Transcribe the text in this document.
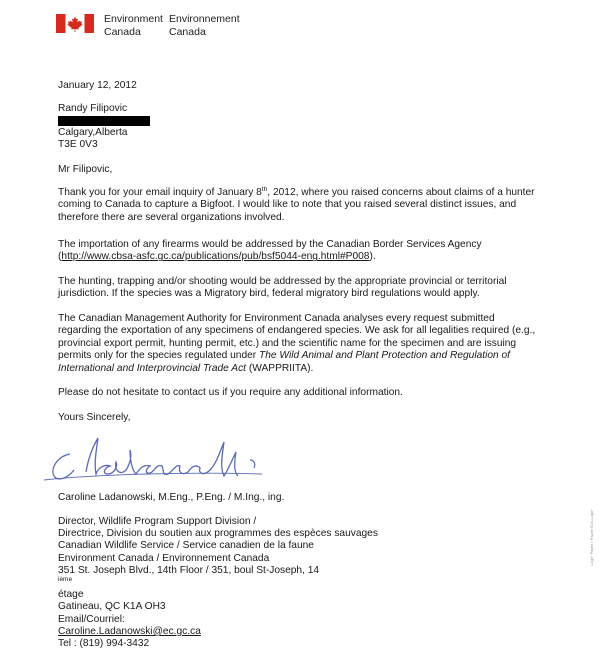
Environment
Canada
Environnement
Canada

January 12, 2012

Randy Filipovic

Calgary,Alberta

T3E 0V3

Mr Filipovic,

Thank you for your email inquiry of January 8th, 2012, where you raised concerns about claims of a hunter coming to Canada to capture a Bigfoot. I would like to note that you raised several distinct issues, and therefore there are several organizations involved.

The importation of any firearms would be addressed by the Canadian Border Services Agency (http://www.cbsa-asfc.gc.ca/publications/pub/bsf5044-eng.html#P008).

The hunting, trapping and/or shooting would be addressed by the appropriate provincial or territorial jurisdiction. If the species was a Migratory bird, federal migratory bird regulations would apply.

The Canadian Management Authority for Environment Canada analyses every request submitted regarding the exportation of any specimens of endangered species. We ask for all legalities required (e.g., provincial export permit, hunting permit, etc.) and the scientific name for the specimen and are issuing permits only for the species regulated under The Wild Animal and Plant Protection and Regulation of International and Interprovincial Trade Act (WAPPRIITA).

Please do not hesitate to contact us if you require any additional information.

Yours Sincerely,

Caroline Ladanowski, M.Eng., P.Eng. / M.Ing., ing.
Director, Wildlife Program Support Division /
Directrice, Division du soutien aux programmes des espèces sauvages
Canadian Wildlife Service / Service canadien de la faune
Environment Canada / Environnement Canada
351 St. Joseph Blvd., 14th Floor / 351, boul St-Joseph, 14
$^{ième}$
étage
Gatineau, QC K1A OH3
Email/Courriel:
Caroline.Ladanowski@ec.gc.ca
Tel : (819) 994-3432
Logo* Paper / Papier Éco-Logo*
